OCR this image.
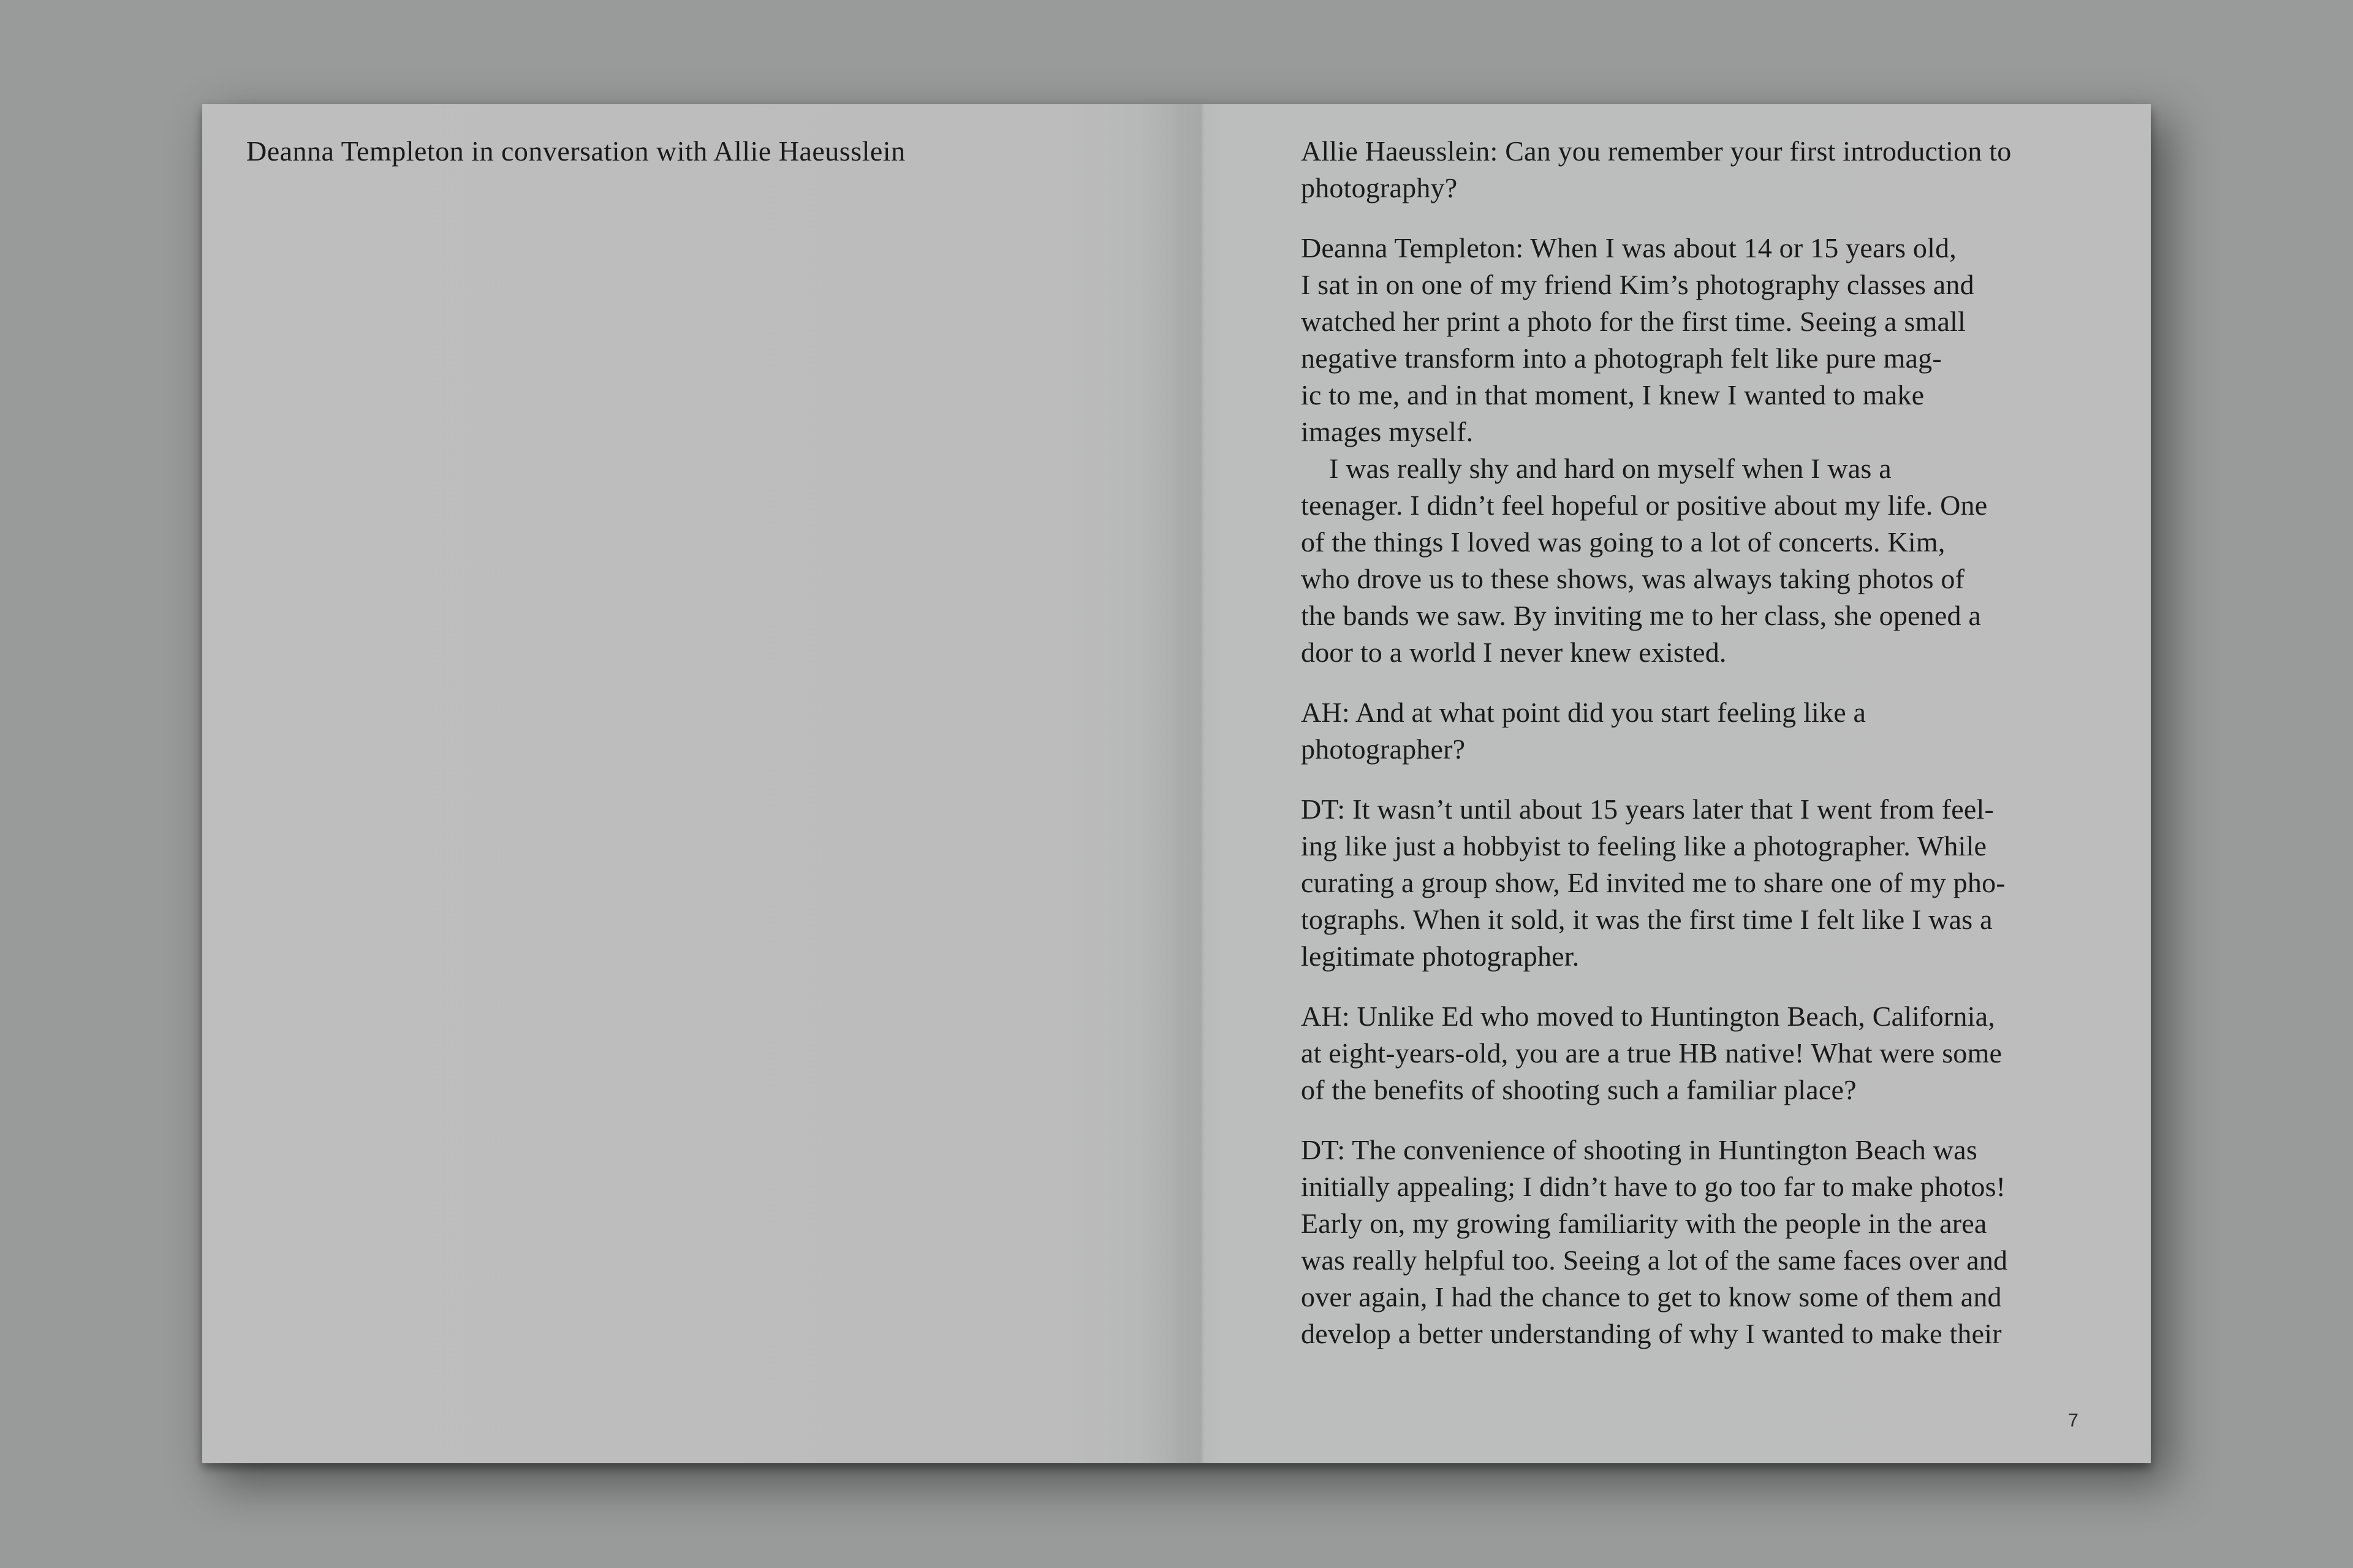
Deanna Templeton in conversation with Allie Haeusslein	Allie Haeusslein: Can you remember your first introduction to
photography?

Deanna Templeton: When I was about 14 or 15 years old,
I sat in on one of my friend Kim’s photography classes and
watched her print a photo for the first time. Seeing a small
negative transform into a photograph felt like pure mag-
ic to me, and in that moment, I knew I wanted to make
images myself.

I was really shy and hard on myself when I was a
teenager. I didn’t feel hopeful or positive about my life. One
of the things I loved was going to a lot of concerts. Kim,
who drove us to these shows, was always taking photos of
the bands we saw. By inviting me to her class, she opened a
door to a world I never knew existed.

AH: And at what point did you start feeling like a
photographer?

DT: It wasn’t until about 15 years later that I went from feel-
ing like just a hobbyist to feeling like a photographer. While
curating a group show, Ed invited me to share one of my pho-
tographs. When it sold, it was the first time I felt like I was a
legitimate photographer.

AH: Unlike Ed who moved to Huntington Beach, California,
at eight-years-old, you are a true HB native! What were some
of the benefits of shooting such a familiar place?

DT: The convenience of shooting in Huntington Beach was
initially appealing; I didn’t have to go too far to make photos!
Early on, my growing familiarity with the people in the area
was really helpful too. Seeing a lot of the same faces over and
over again, I had the chance to get to know some of them and
develop a better understanding of why I wanted to make their

7
